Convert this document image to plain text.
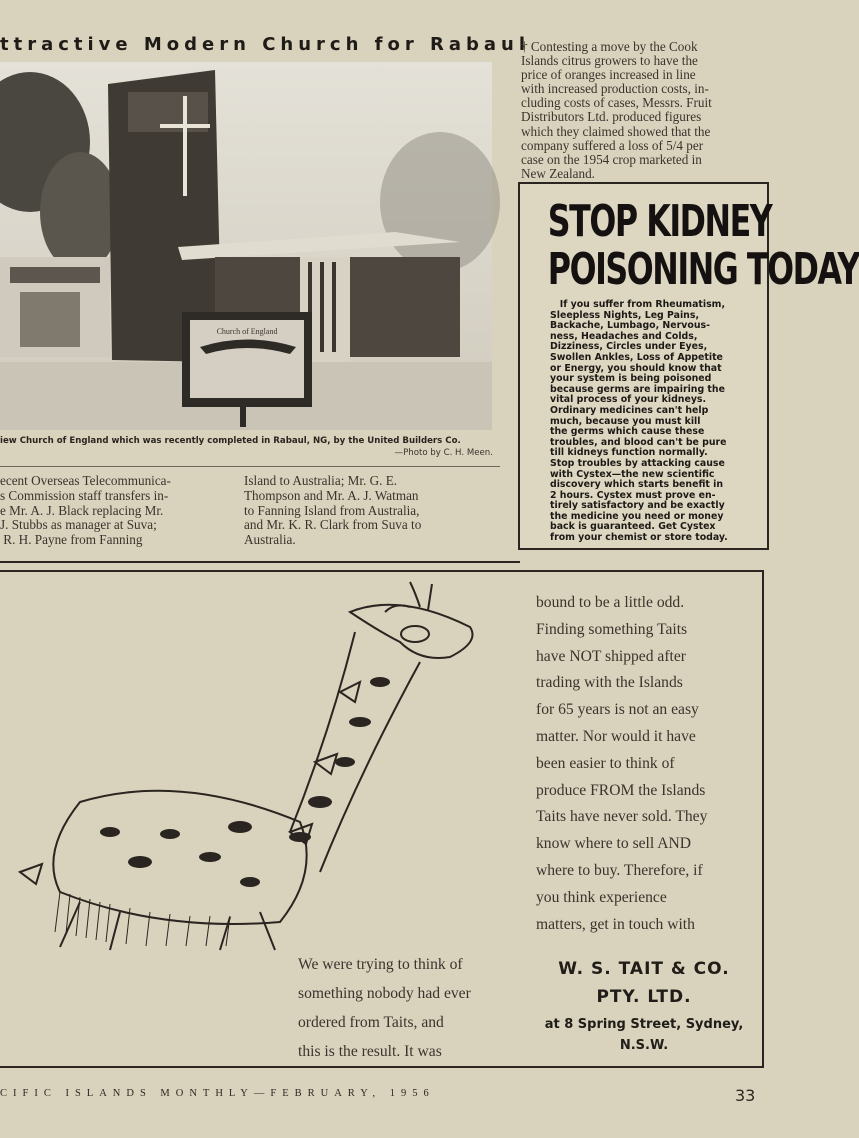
ttractive Modern Church for Rabaul
Church of England
iew Church of England which was recently completed in Rabaul, NG, by the United Builders Co.
—Photo by C. H. Meen.
ecent Overseas Telecommunica-
s Commission staff transfers in-
e Mr. A. J. Black replacing Mr.
J. Stubbs as manager at Suva;
R. H. Payne from Fanning
Island to Australia; Mr. G. E.
Thompson and Mr. A. J. Watman
to Fanning Island from Australia,
and Mr. K. R. Clark from Suva to
Australia.
† Contesting a move by the Cook
Islands citrus growers to have the
price of oranges increased in line
with increased production costs, in-
cluding costs of cases, Messrs. Fruit
Distributors Ltd. produced figures
which they claimed showed that the
company suffered a loss of 5/4 per
case on the 1954 crop marketed in
New Zealand.
STOP KIDNEY
POISONING TODAY
If you suffer from Rheumatism,
Sleepless Nights, Leg Pains,
Backache, Lumbago, Nervous-
ness, Headaches and Colds,
Dizziness, Circles under Eyes,
Swollen Ankles, Loss of Appetite
or Energy, you should know that
your system is being poisoned
because germs are impairing the
vital process of your kidneys.
Ordinary medicines can't help
much, because you must kill
the germs which cause these
troubles, and blood can't be pure
till kidneys function normally.
Stop troubles by attacking cause
with Cystex—the new scientific
discovery which starts benefit in
2 hours. Cystex must prove en-
tirely satisfactory and be exactly
the medicine you need or money
back is guaranteed. Get Cystex
from your chemist or store today.
bound to be a little odd.
Finding something Taits
have NOT shipped after
trading with the Islands
for 65 years is not an easy
matter. Nor would it have
been easier to think of
produce FROM the Islands
Taits have never sold. They
know where to sell AND
where to buy. Therefore, if
you think experience
matters, get in touch with
We were trying to think of
something nobody had ever
ordered from Taits, and
this is the result. It was
W. S. TAIT & CO.
PTY. LTD.
at 8 Spring Street, Sydney,
N.S.W.
CIFIC ISLANDS MONTHLY—FEBRUARY, 1956	33
